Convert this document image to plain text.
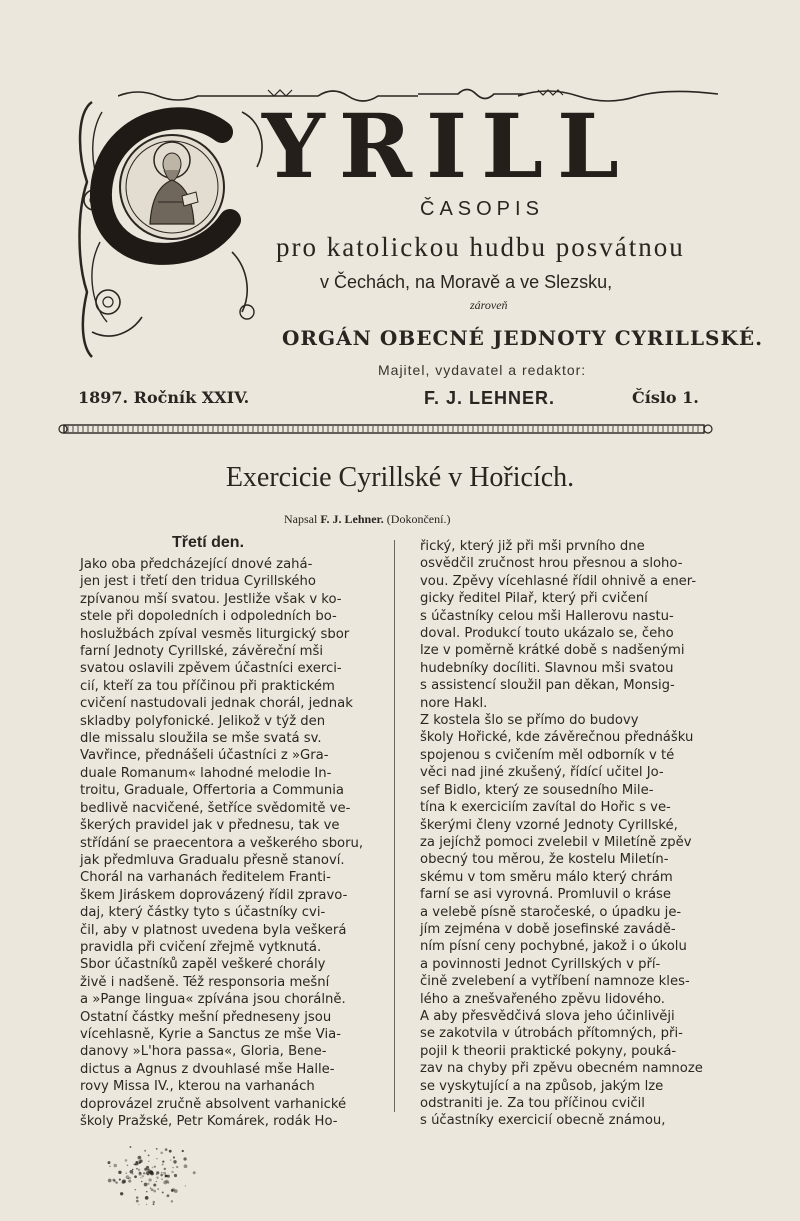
YRILL
ČASOPIS
pro katolickou hudbu posvátnou
v Čechách, na Moravě a ve Slezsku,
zároveň
ORGÁN OBECNÉ JEDNOTY CYRILLSKÉ.
Majitel, vydavatel a redaktor:
1897. Ročník XXIV.	F. J. LEHNER.	Číslo 1.
Exercicie Cyrillské v Hořicích.
Napsal F. J. Lehner. (Dokončení.)
Třetí den.
Jako oba předcházející dnové zahá-
jen jest i třetí den tridua Cyrillského
zpívanou mší svatou. Jestliže však v ko-
stele při dopoledních i odpoledních bo-
hoslužbách zpíval vesměs liturgický sbor
farní Jednoty Cyrillské, závěreční mši
svatou oslavili zpěvem účastníci exerci-
cií, kteří za tou příčinou při praktickém
cvičení nastudovali jednak chorál, jednak
skladby polyfonické. Jelikož v týž den
dle missalu sloužila se mše svatá sv.
Vavřince, přednášeli účastníci z »Gra-
duale Romanum« lahodné melodie In-
troitu, Graduale, Offertoria a Communia
bedlivě nacvičené, šetříce svědomitě ve-
škerých pravidel jak v přednesu, tak ve
střídání se praecentora a veškerého sboru,
jak předmluva Gradualu přesně stanoví.
Chorál na varhanách ředitelem Franti-
škem Jiráskem doprovázený řídil zpravo-
daj, který částky tyto s účastníky cvi-
čil, aby v platnost uvedena byla veškerá
pravidla při cvičení zřejmě vytknutá.
Sbor účastníků zapěl veškeré chorály
živě i nadšeně. Též responsoria mešní
a »Pange lingua« zpívána jsou chorálně.
Ostatní částky mešní předneseny jsou
vícehlasně, Kyrie a Sanctus ze mše Via-
danovy »L'hora passa«, Gloria, Bene-
dictus a Agnus z dvouhlasé mše Halle-
rovy Missa IV., kterou na varhanách
doprovázel zručně absolvent varhanické
školy Pražské, Petr Komárek, rodák Ho-
řický, který již při mši prvního dne
osvědčil zručnost hrou přesnou a sloho-
vou. Zpěvy vícehlasné řídil ohnivě a ener-
gicky ředitel Pilař, který při cvičení
s účastníky celou mši Hallerovu nastu-
doval. Produkcí touto ukázalo se, čeho
lze v poměrně krátké době s nadšenými
hudebníky docíliti. Slavnou mši svatou
s assistencí sloužil pan děkan, Monsig-
nore Hakl.
Z kostela šlo se přímo do budovy
školy Hořické, kde závěrečnou přednášku
spojenou s cvičením měl odborník v té
věci nad jiné zkušený, řídící učitel Jo-
sef Bidlo, který ze sousedního Mile-
tína k exerciciím zavítal do Hořic s ve-
škerými členy vzorné Jednoty Cyrillské,
za jejíchž pomoci zvelebil v Miletíně zpěv
obecný tou měrou, že kostelu Miletín-
skému v tom směru málo který chrám
farní se asi vyrovná. Promluvil o kráse
a velebě písně staročeské, o úpadku je-
jím zejména v době josefinské zavádě-
ním písní ceny pochybné, jakož i o úkolu
a povinnosti Jednot Cyrillských v pří-
čině zvelebení a vytříbení namnoze kles-
lého a znešvařeného zpěvu lidového.
A aby přesvědčivá slova jeho účinlivěji
se zakotvila v útrobách přítomných, při-
pojil k theorii praktické pokyny, pouká-
zav na chyby při zpěvu obecném namnoze
se vyskytující a na způsob, jakým lze
odstraniti je. Za tou příčinou cvičil
s účastníky exercicií obecně známou,
